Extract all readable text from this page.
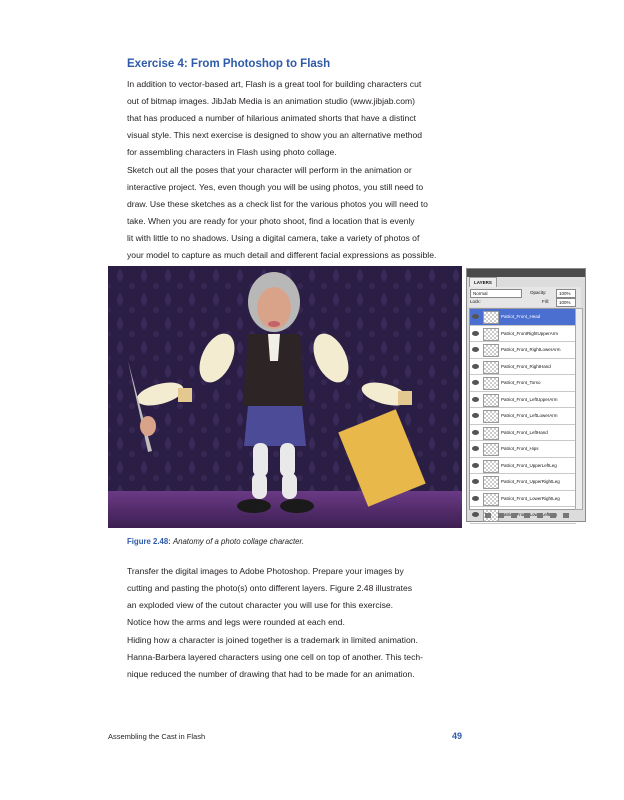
Exercise 4: From Photoshop to Flash
In addition to vector-based art, Flash is a great tool for building characters cut
out of bitmap images. JibJab Media is an animation studio (www.jibjab.com)
that has produced a number of hilarious animated shorts that have a distinct
visual style. This next exercise is designed to show you an alternative method
for assembling characters in Flash using photo collage.
Sketch out all the poses that your character will perform in the animation or
interactive project. Yes, even though you will be using photos, you still need to
draw. Use these sketches as a check list for the various photos you will need to
take. When you are ready for your photo shoot, find a location that is evenly
lit with little to no shadows. Using a digital camera, take a variety of photos of
your model to capture as much detail and different facial expressions as possible.
LAYERS
Normal	Opacity:	100%
Lock:	Fill:	100%
Patriot_Front_Head
Patriot_FrontRightUpperArm
Patriot_Front_RightLowerArm
Patriot_Front_RightHand
Patriot_Front_Torso
Patriot_Front_LeftUpperArm
Patriot_Front_LeftLowerArm
Patriot_Front_LeftHand
Patriot_Front_Hips
Patriot_Front_UpperLeftLeg
Patriot_Front_UpperRightLeg
Patriot_Front_LowerRightLeg
Figure 2.48: Anatomy of a photo collage character.
Transfer the digital images to Adobe Photoshop. Prepare your images by
cutting and pasting the photo(s) onto different layers. Figure 2.48 illustrates
an exploded view of the cutout character you will use for this exercise.
Notice how the arms and legs were rounded at each end.
Hiding how a character is joined together is a trademark in limited animation.
Hanna-Barbera layered characters using one cell on top of another. This tech-
nique reduced the number of drawing that had to be made for an animation.
Assembling the Cast in Flash	49
